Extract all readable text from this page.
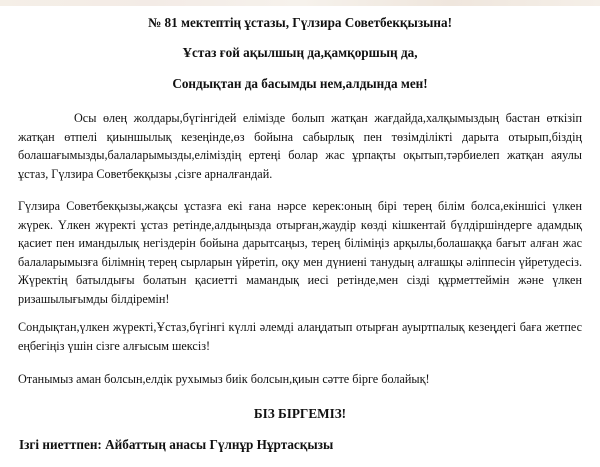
№ 81 мектептің ұстазы, Гүлзира Советбекқызына!

Ұстаз ғой ақылшың да,қамқоршың да,

Сондықтан да басымды нем,алдында мен!

Осы өлең жолдары,бүгінгідей елімізде болып жатқан жағдайда,халқымыздың бастан өткізіп жатқан өтпелі қиыншылық кезеңінде,өз бойына сабырлық пен төзімділікті дарыта отырып,біздің болашағымызды,балаларымызды,еліміздің ертеңі болар жас ұрпақты оқытып,тәрбиелеп жатқан аяулы ұстаз, Гүлзира Советбекқызы ,сізге арналғандай.

Гүлзира Советбекқызы,жақсы ұстазға екі ғана нәрсе керек:оның бірі терең білім болса,екіншісі үлкен жүрек. Үлкен жүректі ұстаз ретінде,алдыңызда отырған,жаудір көзді кішкентай бүлдіршіндерге адамдық қасиет пен имандылық негіздерін бойына дарытсаңыз, терең біліміңіз арқылы,болашаққа бағыт алған жас балаларымызға білімнің терең сырларын үйретіп, оқу мен дүниені танудың алғашқы әліппесін үйретудесіз. Жүректің батылдығы болатын қасиетті мамандық иесі ретінде,мен сізді құрметтеймін және үлкен ризашылығымды білдіремін!

Сондықтан,үлкен жүректі,Ұстаз,бүгінгі күллі әлемді алаңдатып отырған ауыртпалық кезеңдегі баға жетпес еңбегіңіз үшін сізге алғысым шексіз!

Отанымыз аман болсын,елдік рухымыз биік болсын,қиын сәтте бірге болайық!

БІЗ БІРГЕМІЗ!

Ізгі ниеттпен: Айбаттың анасы Гүлнұр Нұртасқызы
